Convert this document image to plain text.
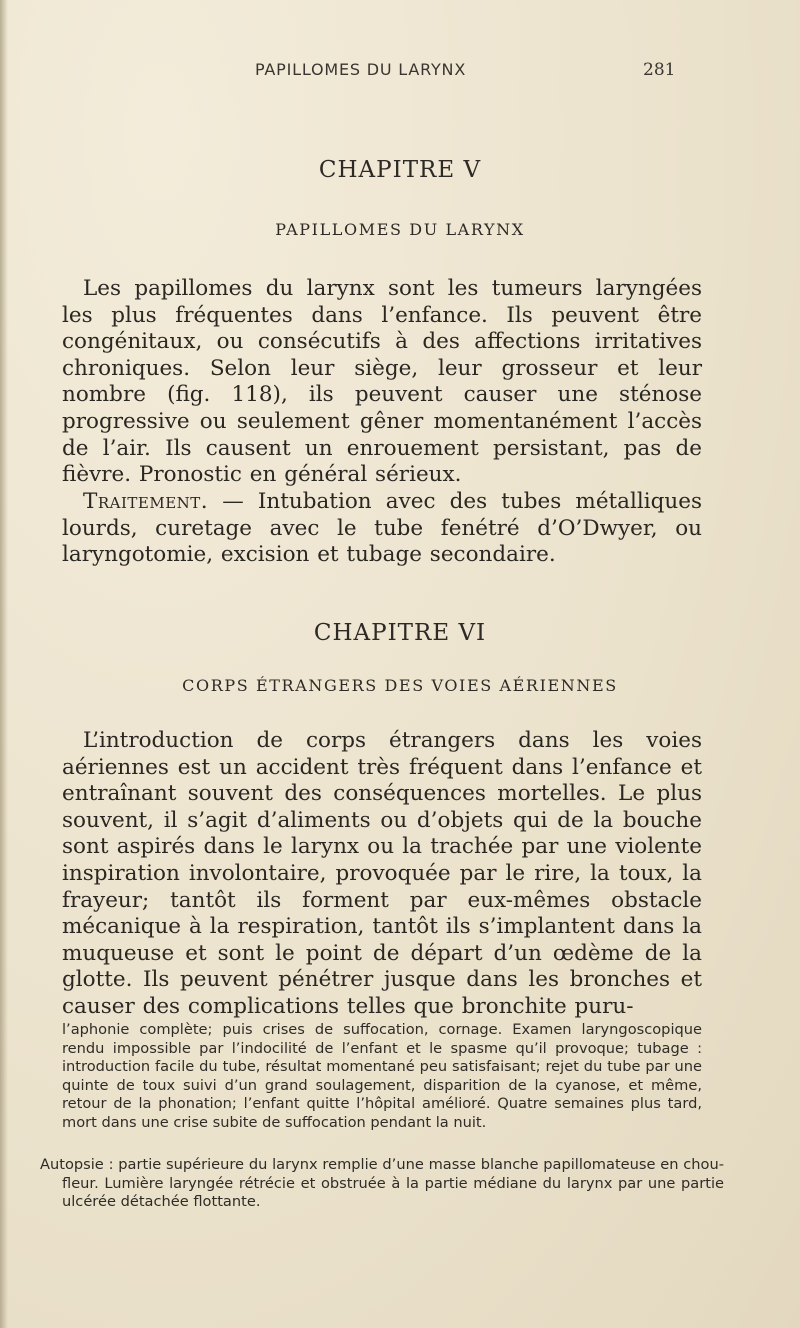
PAPILLOMES DU LARYNX	281
CHAPITRE V
PAPILLOMES DU LARYNX

Les papillomes du larynx sont les tumeurs laryngées les plus fréquentes dans l’enfance. Ils peuvent être congénitaux, ou consécutifs à des affections irritatives chroniques. Selon leur siège, leur grosseur et leur nombre (fig. 118), ils peuvent causer une sténose progressive ou seulement gêner momentanément l’accès de l’air. Ils causent un enrouement persistant, pas de fièvre. Pronostic en général sérieux.

Traitement. — Intubation avec des tubes métalliques lourds, curetage avec le tube fenétré d’O’Dwyer, ou laryngotomie, excision et tubage secondaire.

CHAPITRE VI
CORPS ÉTRANGERS DES VOIES AÉRIENNES

L’introduction de corps étrangers dans les voies aériennes est un accident très fréquent dans l’enfance et entraînant souvent des conséquences mortelles. Le plus souvent, il s’agit d’aliments ou d’objets qui de la bouche sont aspirés dans le larynx ou la trachée par une violente inspiration involontaire, provoquée par le rire, la toux, la frayeur; tantôt ils forment par eux-mêmes obstacle mécanique à la respiration, tantôt ils s’implantent dans la muqueuse et sont le point de départ d’un œdème de la glotte. Ils peuvent pénétrer jusque dans les bronches et causer des complications telles que bronchite puru-

l’aphonie complète; puis crises de suffocation, cornage. Examen laryngoscopique rendu impossible par l’indocilité de l’enfant et le spasme qu’il provoque; tubage : introduction facile du tube, résultat momentané peu satisfaisant; rejet du tube par une quinte de toux suivi d’un grand soulagement, disparition de la cyanose, et même, retour de la phonation; l’enfant quitte l’hôpital amélioré. Quatre semaines plus tard, mort dans une crise subite de suffocation pendant la nuit.

Autopsie : partie supérieure du larynx remplie d’une masse blanche papillomateuse en chou-fleur. Lumière laryngée rétrécie et obstruée à la partie médiane du larynx par une partie ulcérée détachée flottante.
